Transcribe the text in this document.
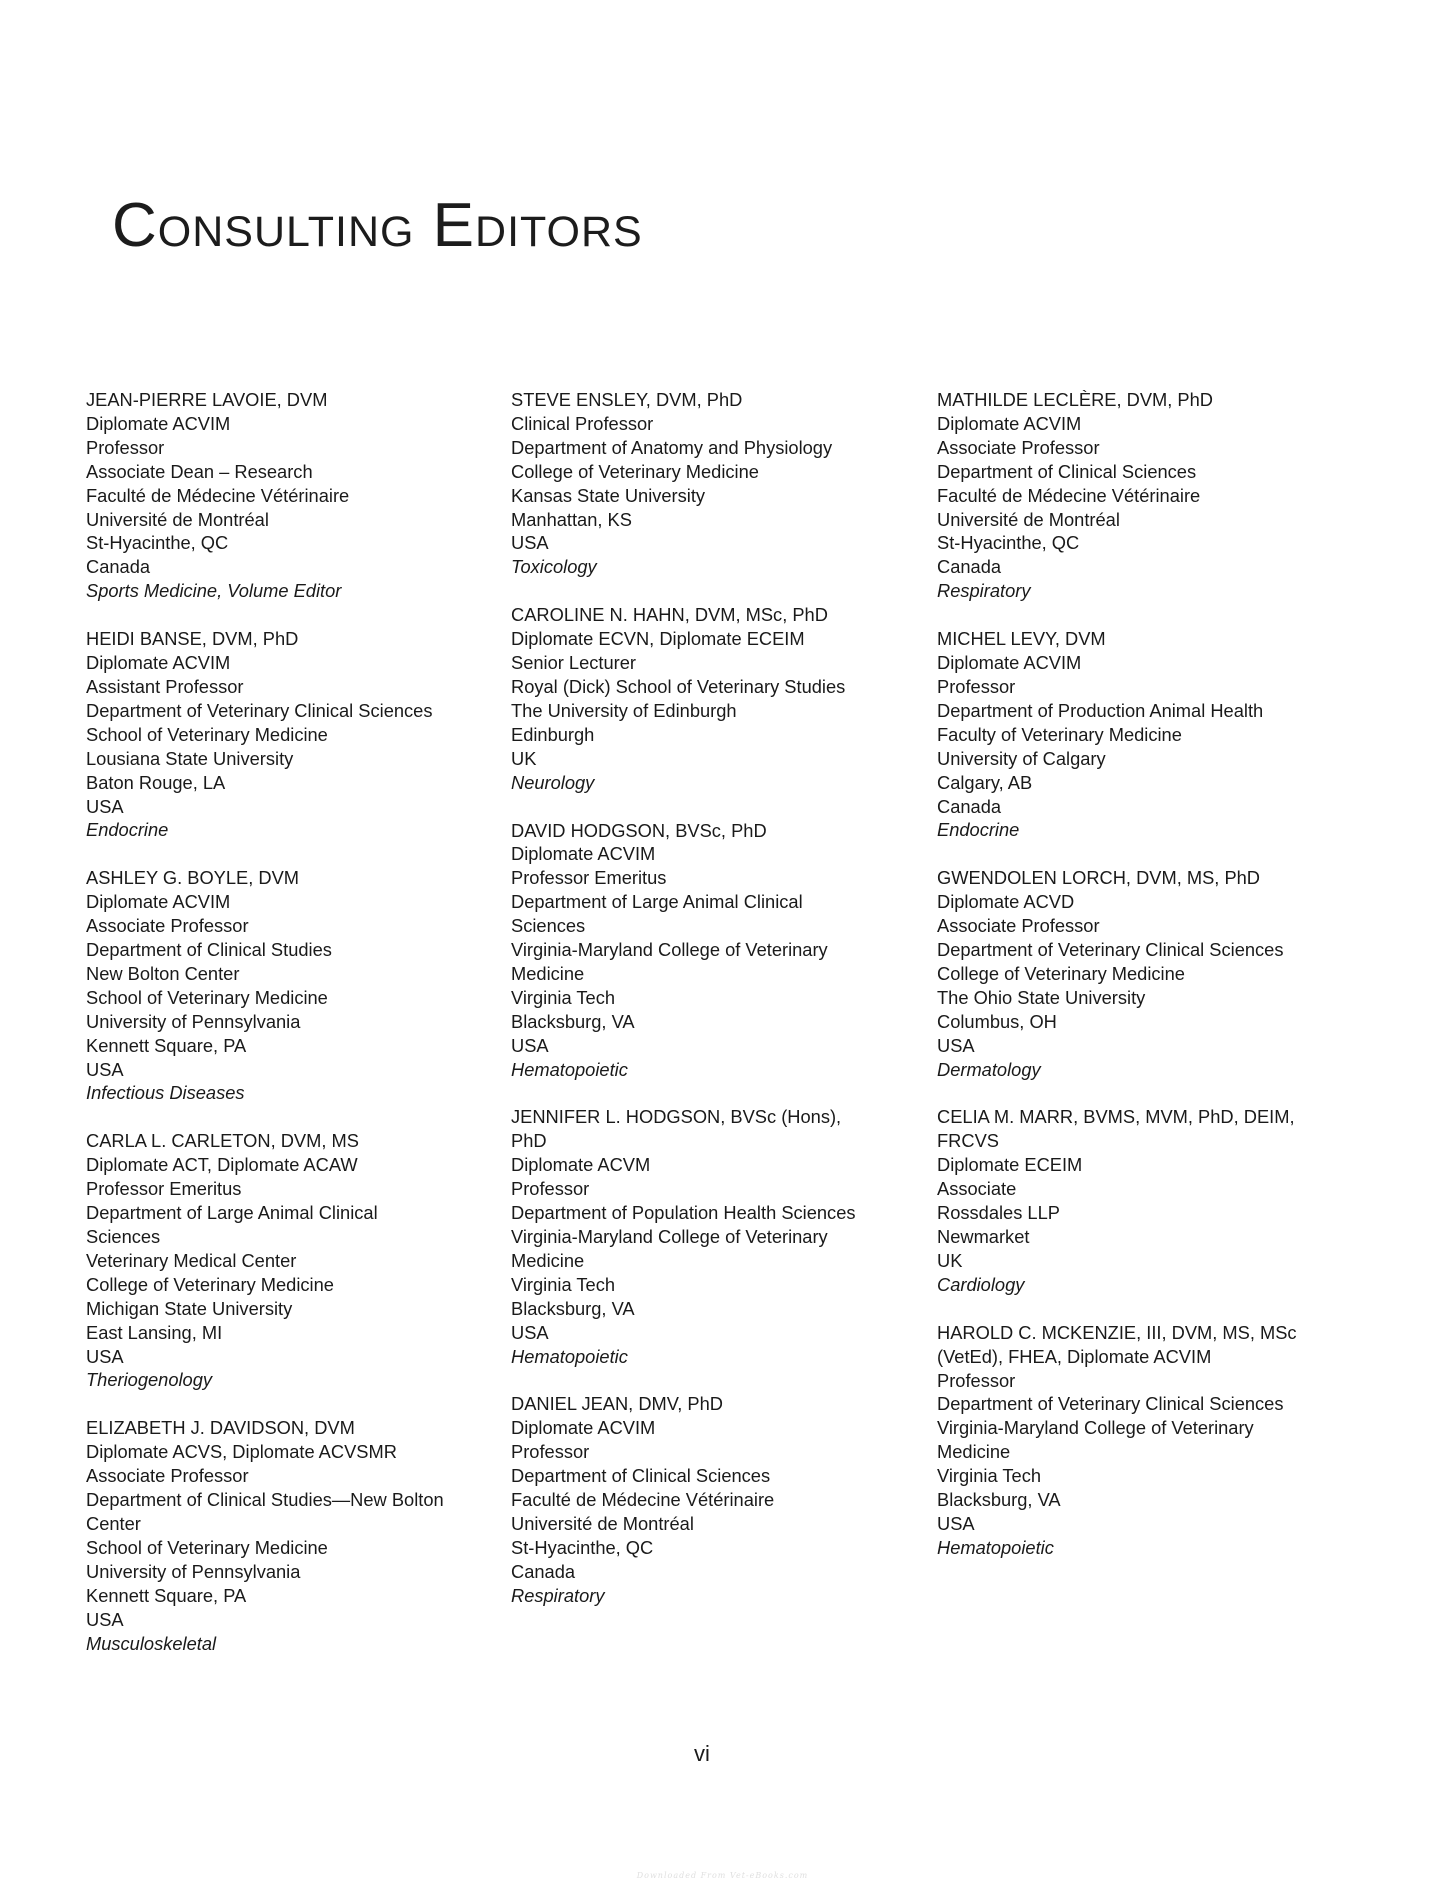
Consulting Editors
JEAN-PIERRE LAVOIE, DVM
Diplomate ACVIM
Professor
Associate Dean – Research
Faculté de Médecine Vétérinaire
Université de Montréal
St-Hyacinthe, QC
Canada
Sports Medicine, Volume Editor
HEIDI BANSE, DVM, PhD
Diplomate ACVIM
Assistant Professor
Department of Veterinary Clinical Sciences
School of Veterinary Medicine
Lousiana State University
Baton Rouge, LA
USA
Endocrine
ASHLEY G. BOYLE, DVM
Diplomate ACVIM
Associate Professor
Department of Clinical Studies
New Bolton Center
School of Veterinary Medicine
University of Pennsylvania
Kennett Square, PA
USA
Infectious Diseases
CARLA L. CARLETON, DVM, MS
Diplomate ACT, Diplomate ACAW
Professor Emeritus
Department of Large Animal Clinical
Sciences
Veterinary Medical Center
College of Veterinary Medicine
Michigan State University
East Lansing, MI
USA
Theriogenology
ELIZABETH J. DAVIDSON, DVM
Diplomate ACVS, Diplomate ACVSMR
Associate Professor
Department of Clinical Studies—New Bolton
Center
School of Veterinary Medicine
University of Pennsylvania
Kennett Square, PA
USA
Musculoskeletal
STEVE ENSLEY, DVM, PhD
Clinical Professor
Department of Anatomy and Physiology
College of Veterinary Medicine
Kansas State University
Manhattan, KS
USA
Toxicology
CAROLINE N. HAHN, DVM, MSc, PhD
Diplomate ECVN, Diplomate ECEIM
Senior Lecturer
Royal (Dick) School of Veterinary Studies
The University of Edinburgh
Edinburgh
UK
Neurology
DAVID HODGSON, BVSc, PhD
Diplomate ACVIM
Professor Emeritus
Department of Large Animal Clinical
Sciences
Virginia-Maryland College of Veterinary
Medicine
Virginia Tech
Blacksburg, VA
USA
Hematopoietic
JENNIFER L. HODGSON, BVSc (Hons),
PhD
Diplomate ACVM
Professor
Department of Population Health Sciences
Virginia-Maryland College of Veterinary
Medicine
Virginia Tech
Blacksburg, VA
USA
Hematopoietic
DANIEL JEAN, DMV, PhD
Diplomate ACVIM
Professor
Department of Clinical Sciences
Faculté de Médecine Vétérinaire
Université de Montréal
St-Hyacinthe, QC
Canada
Respiratory
MATHILDE LECLÈRE, DVM, PhD
Diplomate ACVIM
Associate Professor
Department of Clinical Sciences
Faculté de Médecine Vétérinaire
Université de Montréal
St-Hyacinthe, QC
Canada
Respiratory
MICHEL LEVY, DVM
Diplomate ACVIM
Professor
Department of Production Animal Health
Faculty of Veterinary Medicine
University of Calgary
Calgary, AB
Canada
Endocrine
GWENDOLEN LORCH, DVM, MS, PhD
Diplomate ACVD
Associate Professor
Department of Veterinary Clinical Sciences
College of Veterinary Medicine
The Ohio State University
Columbus, OH
USA
Dermatology
CELIA M. MARR, BVMS, MVM, PhD, DEIM,
FRCVS
Diplomate ECEIM
Associate
Rossdales LLP
Newmarket
UK
Cardiology
HAROLD C. MCKENZIE, III, DVM, MS, MSc
(VetEd), FHEA, Diplomate ACVIM
Professor
Department of Veterinary Clinical Sciences
Virginia-Maryland College of Veterinary
Medicine
Virginia Tech
Blacksburg, VA
USA
Hematopoietic
vi
Downloaded From Vet-eBooks.com
